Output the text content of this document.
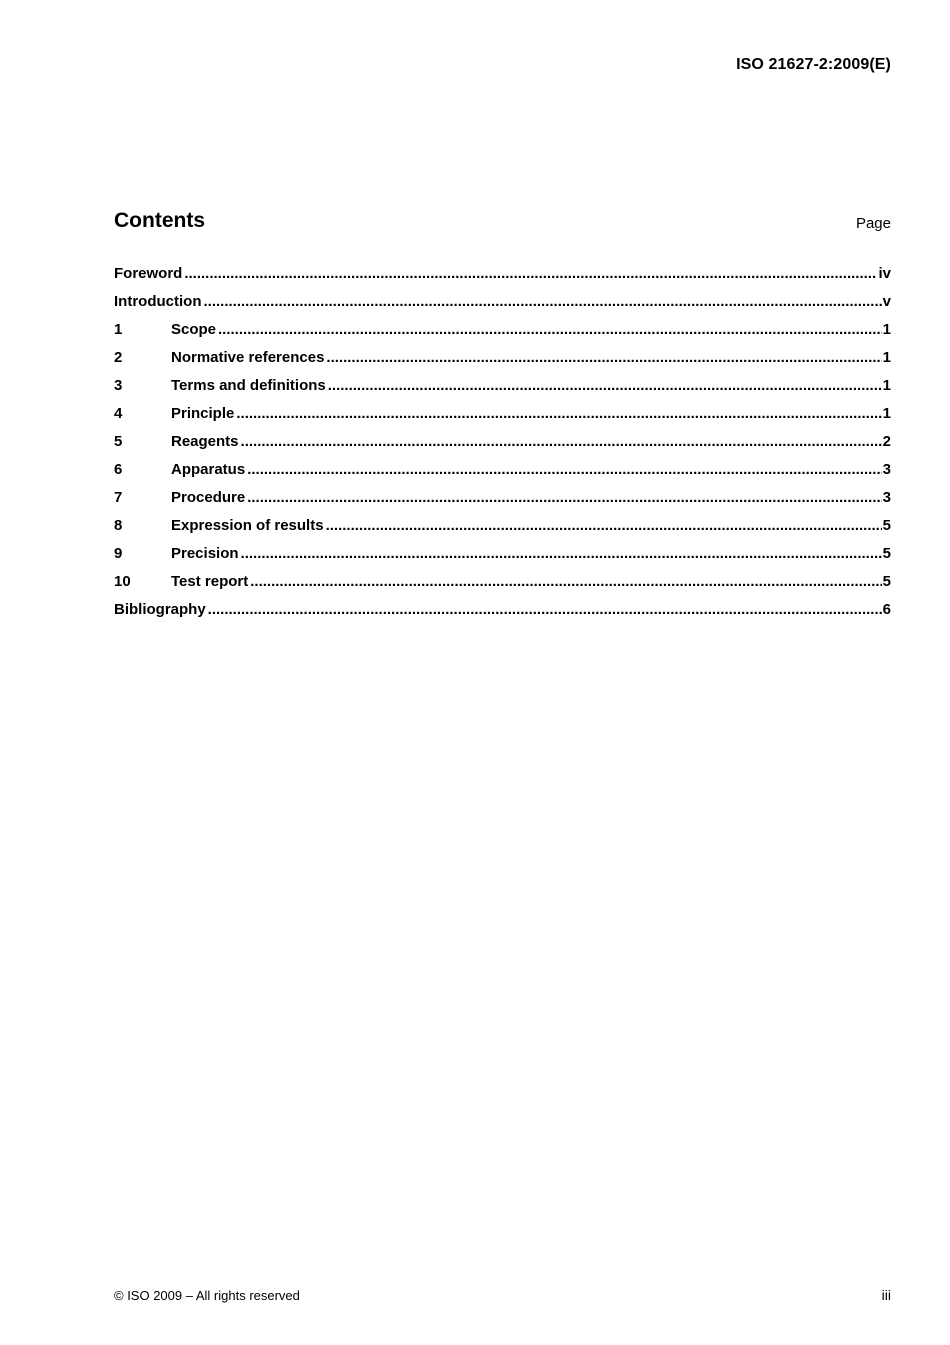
ISO 21627-2:2009(E)
Contents	Page
Foreword .....	iv
Introduction .....	v
1	Scope .....	1
2	Normative references .....	1
3	Terms and definitions .....	1
4	Principle .....	1
5	Reagents .....	2
6	Apparatus .....	3
7	Procedure .....	3
8	Expression of results .....	5
9	Precision .....	5
10	Test report .....	5
Bibliography .....	6
© ISO 2009 – All rights reserved	iii
